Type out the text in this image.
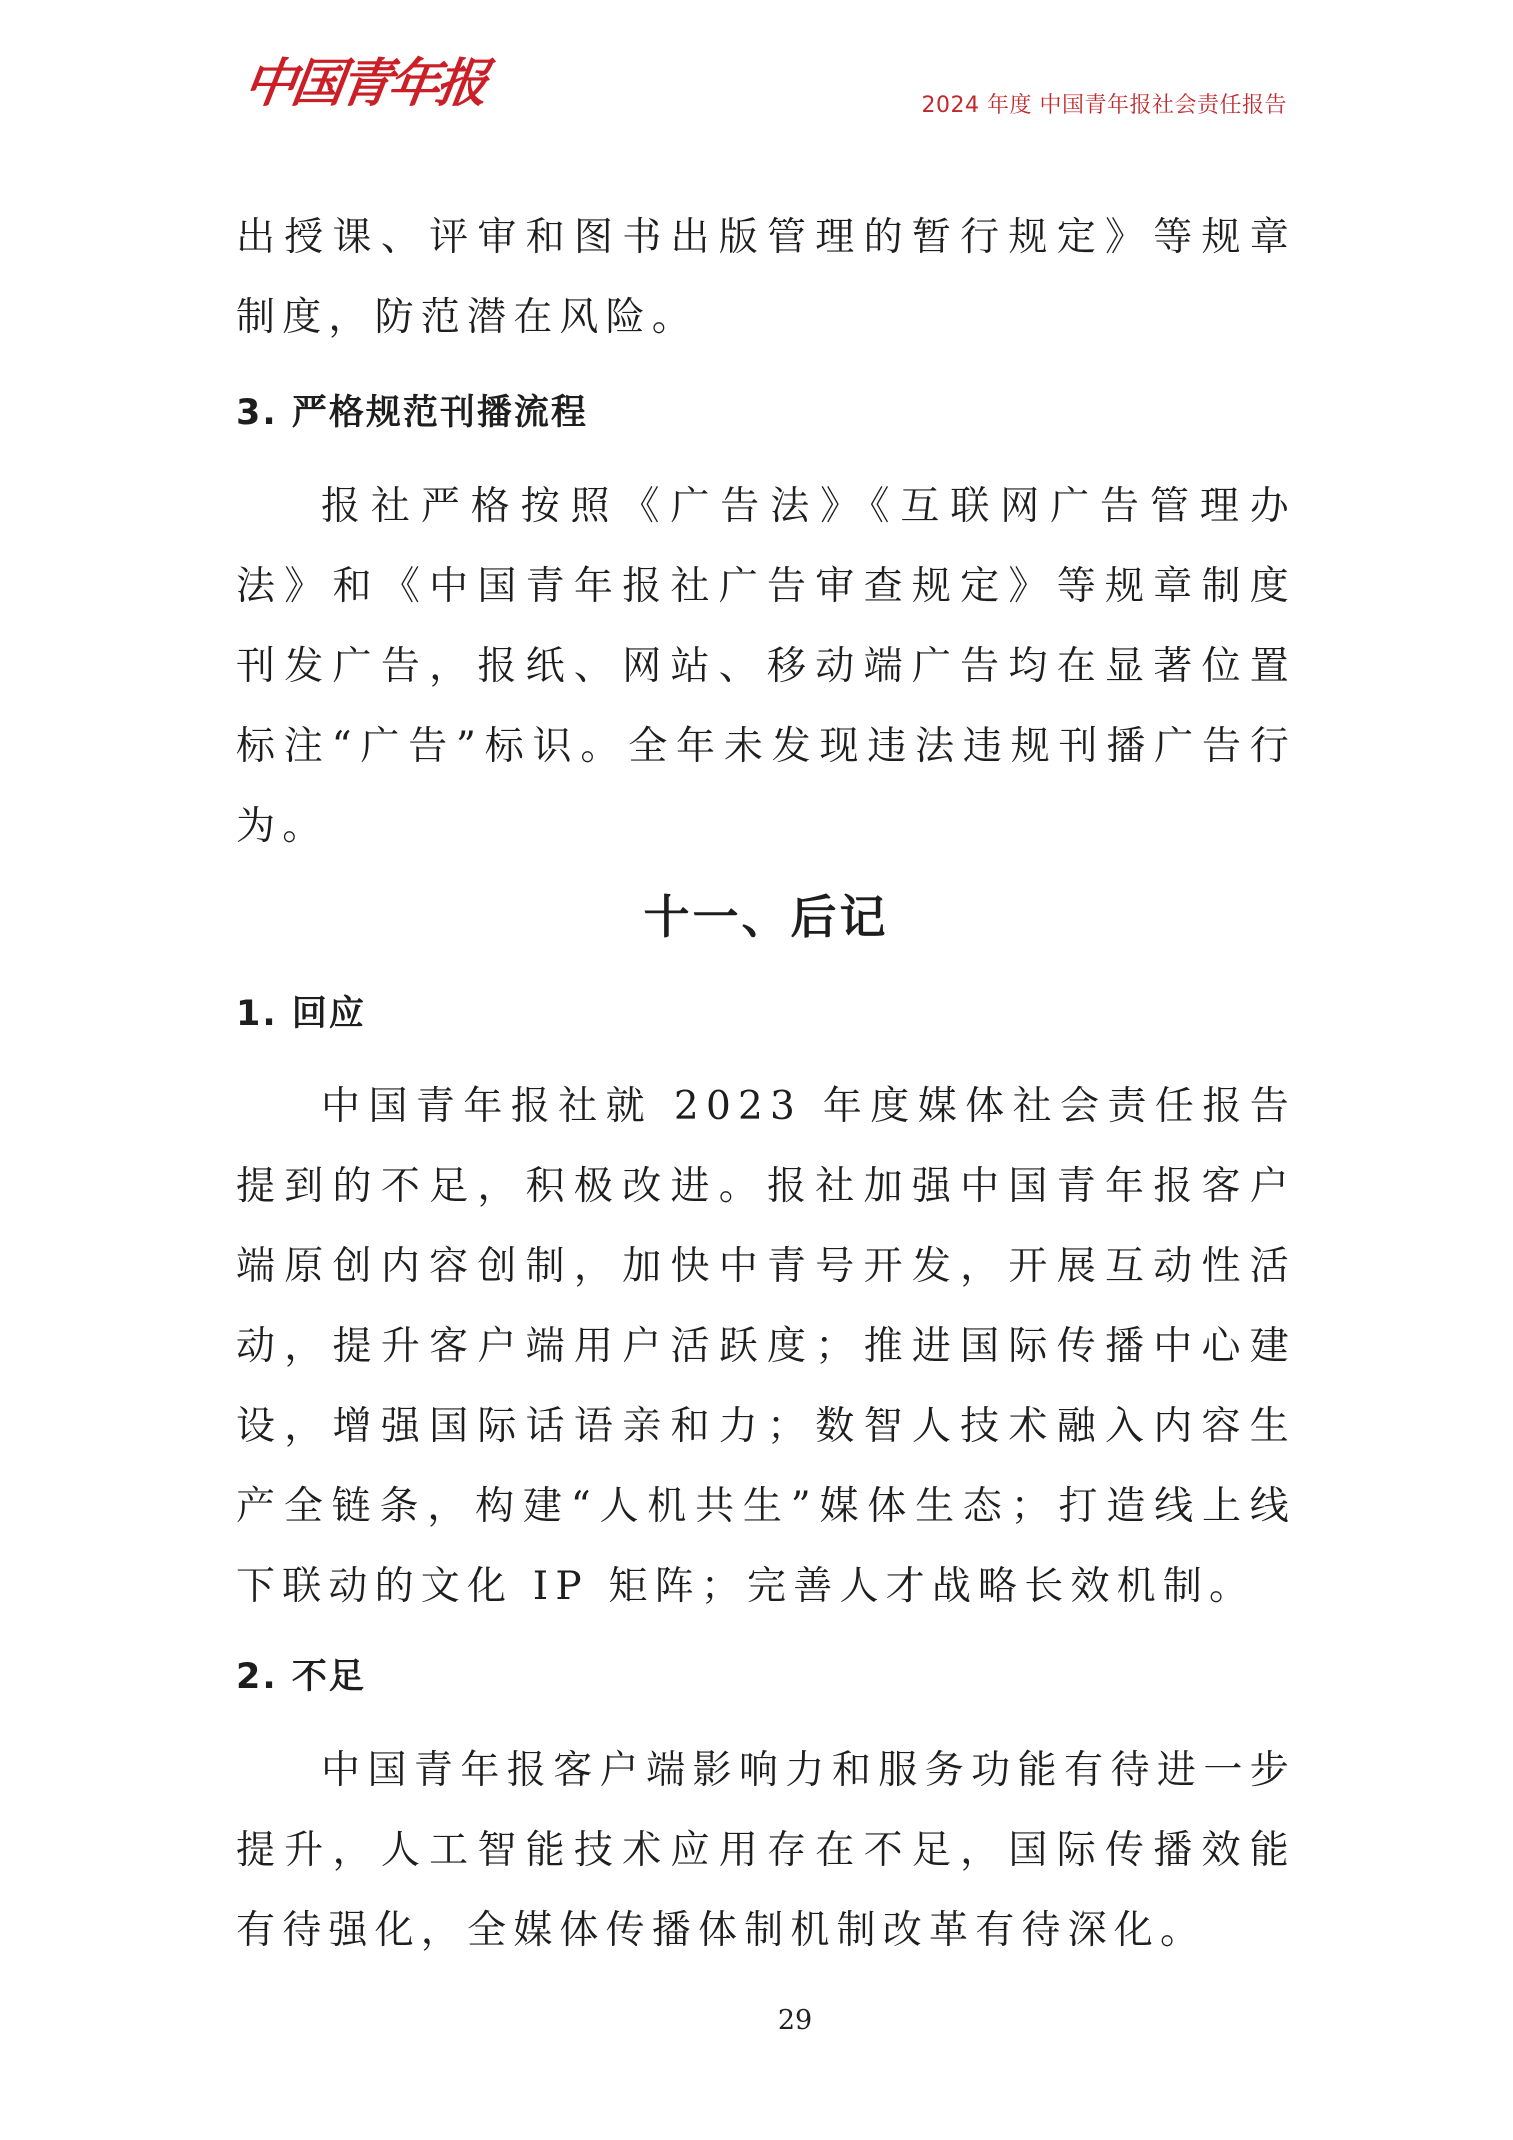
中国青年报	2024 年度 中国青年报社会责任报告

出授课、评审和图书出版管理的暂行规定》等规章制度，防范潜在风险。

3. 严格规范刊播流程

报社严格按照《广告法》《互联网广告管理办法》和《中国青年报社广告审查规定》等规章制度刊发广告，报纸、网站、移动端广告均在显著位置标注“广告”标识。全年未发现违法违规刊播广告行为。

十一、后记

1. 回应

中国青年报社就 2023 年度媒体社会责任报告提到的不足，积极改进。报社加强中国青年报客户端原创内容创制，加快中青号开发，开展互动性活动，提升客户端用户活跃度；推进国际传播中心建设，增强国际话语亲和力；数智人技术融入内容生产全链条，构建“人机共生”媒体生态；打造线上线下联动的文化 IP 矩阵；完善人才战略长效机制。

2. 不足

中国青年报客户端影响力和服务功能有待进一步提升，人工智能技术应用存在不足，国际传播效能有待强化，全媒体传播体制机制改革有待深化。

29
